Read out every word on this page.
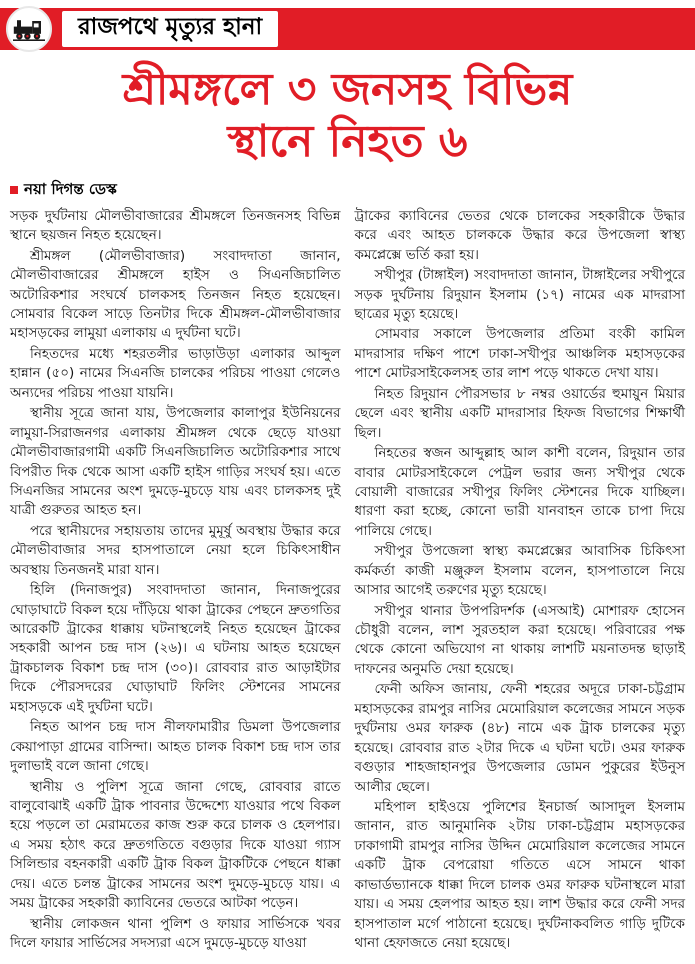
রাজপথে মৃত্যুর হানা
শ্রীমঙ্গলে ৩ জনসহ বিভিন্ন
স্থানে নিহত ৬
নয়া দিগন্ত ডেস্ক

সড়ক দুর্ঘটনায় মৌলভীবাজারের শ্রীমঙ্গলে তিনজনসহ বিভিন্ন স্থানে ছয়জন নিহত হয়েছেন।

শ্রীমঙ্গল (মৌলভীবাজার) সংবাদদাতা জানান, মৌলভীবাজারের শ্রীমঙ্গলে হাইস ও সিএনজিচালিত অটোরিকশার সংঘর্ষে চালকসহ তিনজন নিহত হয়েছেন। সোমবার বিকেল সাড়ে তিনটার দিকে শ্রীমঙ্গল-মৌলভীবাজার মহাসড়কের লামুয়া এলাকায় এ দুর্ঘটনা ঘটে।

নিহতদের মধ্যে শহরতলীর ভাড়াউড়া এলাকার আব্দুল হান্নান (৫০) নামের সিএনজি চালকের পরিচয় পাওয়া গেলেও অন্যদের পরিচয় পাওয়া যায়নি।

স্থানীয় সূত্রে জানা যায়, উপজেলার কালাপুর ইউনিয়নের লামুয়া-সিরাজনগর এলাকায় শ্রীমঙ্গল থেকে ছেড়ে যাওয়া মৌলভীবাজারগামী একটি সিএনজিচালিত অটোরিকশার সাথে বিপরীত দিক থেকে আসা একটি হাইস গাড়ির সংঘর্ষ হয়। এতে সিএনজির সামনের অংশ দুমড়ে-মুচড়ে যায় এবং চালকসহ দুই যাত্রী গুরুতর আহত হন।

পরে স্থানীয়দের সহায়তায় তাদের মুমূর্ষু অবস্থায় উদ্ধার করে মৌলভীবাজার সদর হাসপাতালে নেয়া হলে চিকিৎসাধীন অবস্থায় তিনজনই মারা যান।

হিলি (দিনাজপুর) সংবাদদাতা জানান, দিনাজপুরের ঘোড়াঘাটে বিকল হয়ে দাঁড়িয়ে থাকা ট্রাকের পেছনে দ্রুতগতির আরেকটি ট্রাকের ধাক্কায় ঘটনাস্থলেই নিহত হয়েছেন ট্রাকের সহকারী আপন চন্দ্র দাস (২৬)। এ ঘটনায় আহত হয়েছেন ট্রাকচালক বিকাশ চন্দ্র দাস (৩০)। রোববার রাত আড়াইটার দিকে পৌরসদরের ঘোড়াঘাট ফিলিং স্টেশনের সামনের মহাসড়কে এই দুর্ঘটনা ঘটে।

নিহত আপন চন্দ্র দাস নীলফামারীর ডিমলা উপজেলার কেয়াপাড়া গ্রামের বাসিন্দা। আহত চালক বিকাশ চন্দ্র দাস তার দুলাভাই বলে জানা গেছে।

স্থানীয় ও পুলিশ সূত্রে জানা গেছে, রোববার রাতে বালুবোঝাই একটি ট্রাক পাবনার উদ্দেশ্যে যাওয়ার পথে বিকল হয়ে পড়লে তা মেরামতের কাজ শুরু করে চালক ও হেলপার। এ সময় হঠাৎ করে দ্রুতগতিতে বগুড়ার দিকে যাওয়া গ্যাস সিলিন্ডার বহনকারী একটি ট্রাক বিকল ট্রাকটিকে পেছনে ধাক্কা দেয়। এতে চলন্ত ট্রাকের সামনের অংশ দুমড়ে-মুচড়ে যায়। এ সময় ট্রাকের সহকারী ক্যাবিনের ভেতরে আটকা পড়েন।

স্থানীয় লোকজন থানা পুলিশ ও ফায়ার সার্ভিসকে খবর দিলে ফায়ার সার্ভিসের সদস্যরা এসে দুমড়ে-মুচড়ে যাওয়া

ট্রাকের ক্যাবিনের ভেতর থেকে চালকের সহকারীকে উদ্ধার করে এবং আহত চালককে উদ্ধার করে উপজেলা স্বাস্থ্য কমপ্লেক্সে ভর্তি করা হয়।

সখীপুর (টাঙ্গাইল) সংবাদদাতা জানান, টাঙ্গাইলের সখীপুরে সড়ক দুর্ঘটনায় রিদুয়ান ইসলাম (১৭) নামের এক মাদরাসা ছাত্রের মৃত্যু হয়েছে।

সোমবার সকালে উপজেলার প্রতিমা বংকী কামিল মাদরাসার দক্ষিণ পাশে ঢাকা-সখীপুর আঞ্চলিক মহাসড়কের পাশে মোটরসাইকেলসহ তার লাশ পড়ে থাকতে দেখা যায়।

নিহত রিদুয়ান পৌরসভার ৮ নম্বর ওয়ার্ডের হুমায়ুন মিয়ার ছেলে এবং স্থানীয় একটি মাদরাসার হিফজ বিভাগের শিক্ষার্থী ছিল।

নিহতের স্বজন আব্দুল্লাহ আল কাশী বলেন, রিদুয়ান তার বাবার মোটরসাইকেলে পেট্রল ভরার জন্য সখীপুর থেকে বোয়ালী বাজারের সখীপুর ফিলিং স্টেশনের দিকে যাচ্ছিল। ধারণা করা হচ্ছে, কোনো ভারী যানবাহন তাকে চাপা দিয়ে পালিয়ে গেছে।

সখীপুর উপজেলা স্বাস্থ্য কমপ্লেক্সের আবাসিক চিকিৎসা কর্মকর্তা কাজী মঞ্জুরুল ইসলাম বলেন, হাসপাতালে নিয়ে আসার আগেই তরুণের মৃত্যু হয়েছে।

সখীপুর থানার উপপরিদর্শক (এসআই) মোশারফ হোসেন চৌধুরী বলেন, লাশ সুরতহাল করা হয়েছে। পরিবারের পক্ষ থেকে কোনো অভিযোগ না থাকায় লাশটি ময়নাতদন্ত ছাড়াই দাফনের অনুমতি দেয়া হয়েছে।

ফেনী অফিস জানায়, ফেনী শহরের অদূরে ঢাকা-চট্টগ্রাম মহাসড়কের রামপুর নাসির মেমোরিয়াল কলেজের সামনে সড়ক দুর্ঘটনায় ওমর ফারুক (৪৮) নামে এক ট্রাক চালকের মৃত্যু হয়েছে। রোববার রাত ২টার দিকে এ ঘটনা ঘটে। ওমর ফারুক বগুড়ার শাহজাহানপুর উপজেলার ডোমন পুকুরের ইউনুস আলীর ছেলে।

মহিপাল হাইওয়ে পুলিশের ইনচার্জ আসাদুল ইসলাম জানান, রাত আনুমানিক ২টায় ঢাকা-চট্টগ্রাম মহাসড়কের ঢাকাগামী রামপুর নাসির উদ্দিন মেমোরিয়াল কলেজের সামনে একটি ট্রাক বেপরোয়া গতিতে এসে সামনে থাকা কাভার্ডভ্যানকে ধাক্কা দিলে চালক ওমর ফারুক ঘটনাস্থলে মারা যায়। এ সময় হেলপার আহত হয়। লাশ উদ্ধার করে ফেনী সদর হাসপাতাল মর্গে পাঠানো হয়েছে। দুর্ঘটনাকবলিত গাড়ি দুটিকে থানা হেফাজতে নেয়া হয়েছে।
